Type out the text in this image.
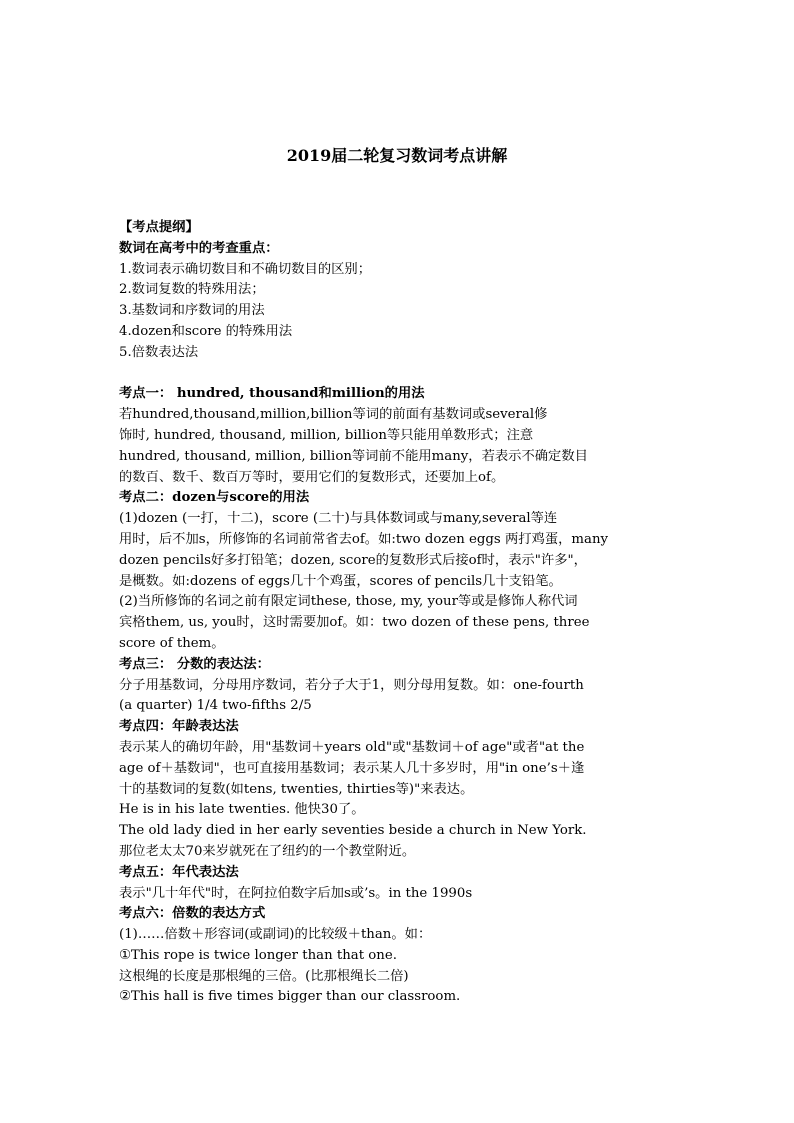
2019届二轮复习数词考点讲解
【考点提纲】
数词在高考中的考查重点：
1.数词表示确切数目和不确切数目的区别；
2.数词复数的特殊用法；
3.基数词和序数词的用法
4.dozen和score 的特殊用法
5.倍数表达法
考点一： hundred, thousand和million的用法
若hundred,thousand,million,billion等词的前面有基数词或several修
饰时, hundred, thousand, million, billion等只能用单数形式；注意
hundred, thousand, million, billion等词前不能用many，若表示不确定数目
的数百、数千、数百万等时，要用它们的复数形式，还要加上of。
考点二：dozen与score的用法
(1)dozen (一打，十二)，score (二十)与具体数词或与many,several等连
用时，后不加s，所修饰的名词前常省去of。如:two dozen eggs 两打鸡蛋，many
dozen pencils好多打铅笔；dozen, score的复数形式后接of时，表示"许多"，
是概数。如:dozens of eggs几十个鸡蛋，scores of pencils几十支铅笔。
(2)当所修饰的名词之前有限定词these, those, my, your等或是修饰人称代词
宾格them, us, you时，这时需要加of。如：two dozen of these pens, three
score of them。
考点三： 分数的表达法：
分子用基数词，分母用序数词，若分子大于1，则分母用复数。如：one-fourth
(a quarter) 1/4 two-fifths 2/5
考点四：年龄表达法
表示某人的确切年龄，用"基数词＋years old"或"基数词＋of age"或者"at the
age of＋基数词"，也可直接用基数词；表示某人几十多岁时，用"in one’s＋逢
十的基数词的复数(如tens, twenties, thirties等)"来表达。
He is in his late twenties. 他快30了。
The old lady died in her early seventies beside a church in New York.
那位老太太70来岁就死在了纽约的一个教堂附近。
考点五：年代表达法
表示"几十年代"时，在阿拉伯数字后加s或’s。in the 1990s
考点六：倍数的表达方式
(1)……倍数＋形容词(或副词)的比较级＋than。如：
①This rope is twice longer than that one.
这根绳的长度是那根绳的三倍。(比那根绳长二倍)
②This hall is five times bigger than our classroom.
